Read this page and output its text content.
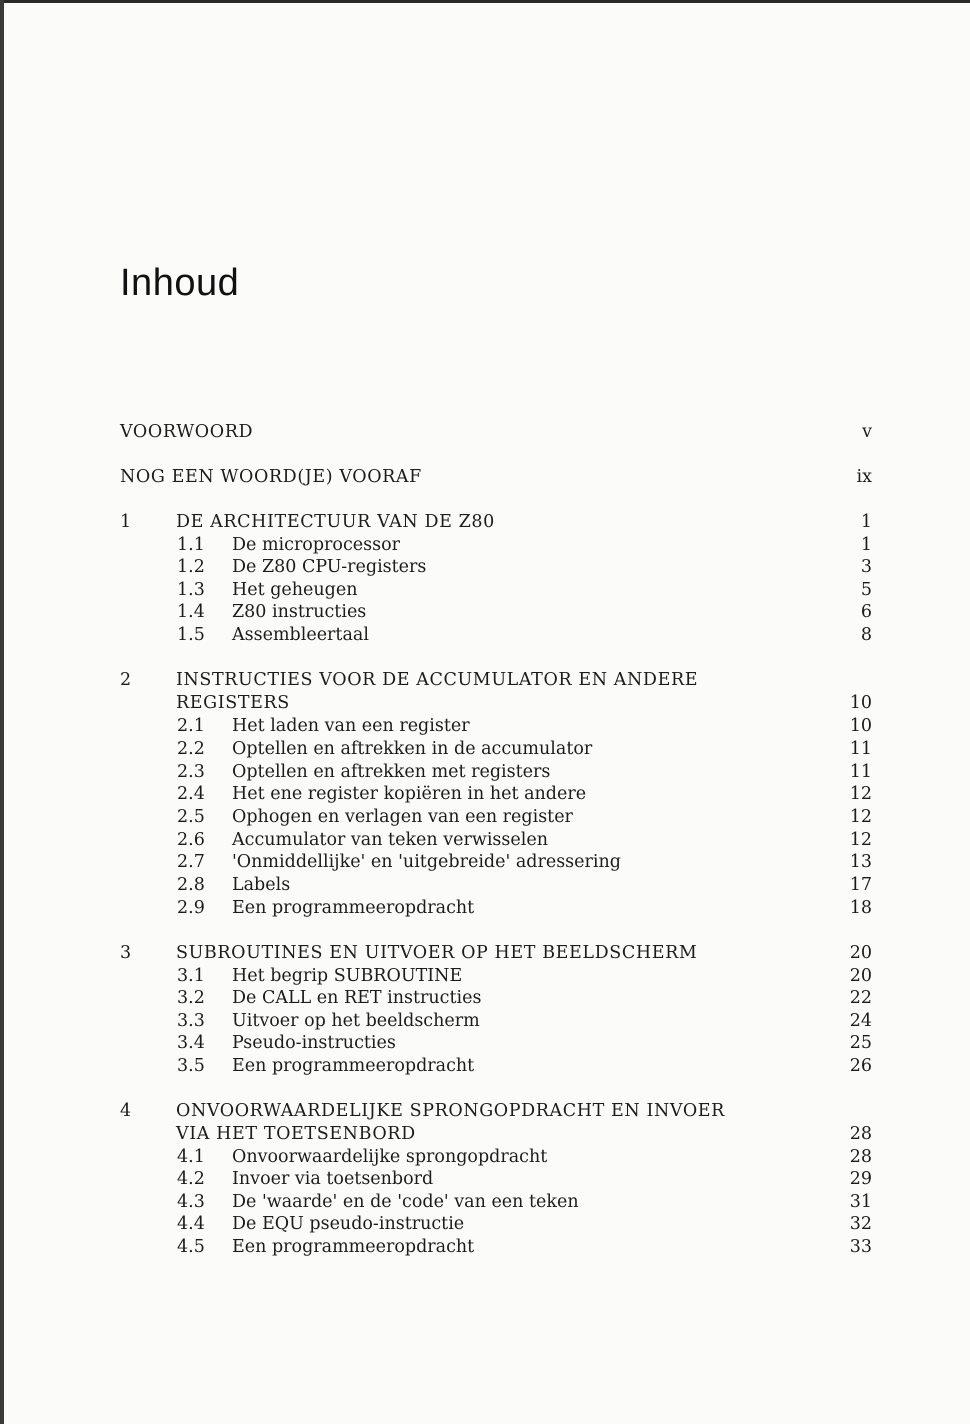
Inhoud
VOORWOORD	v
NOG EEN WOORD(JE) VOORAF	ix
1	DE ARCHITECTUUR VAN DE Z80	1
1.1 De microprocessor	1
1.2 De Z80 CPU-registers	3
1.3 Het geheugen	5
1.4 Z80 instructies	6
1.5 Assembleertaal	8
2	INSTRUCTIES VOOR DE ACCUMULATOR EN ANDERE
REGISTERS	10
2.1 Het laden van een register	10
2.2 Optellen en aftrekken in de accumulator	11
2.3 Optellen en aftrekken met registers	11
2.4 Het ene register kopiëren in het andere	12
2.5 Ophogen en verlagen van een register	12
2.6 Accumulator van teken verwisselen	12
2.7 'Onmiddellijke' en 'uitgebreide' adressering	13
2.8 Labels	17
2.9 Een programmeeropdracht	18
3	SUBROUTINES EN UITVOER OP HET BEELDSCHERM	20
3.1 Het begrip SUBROUTINE	20
3.2 De CALL en RET instructies	22
3.3 Uitvoer op het beeldscherm	24
3.4 Pseudo-instructies	25
3.5 Een programmeeropdracht	26
4	ONVOORWAARDELIJKE SPRONGOPDRACHT EN INVOER
VIA HET TOETSENBORD	28
4.1 Onvoorwaardelijke sprongopdracht	28
4.2 Invoer via toetsenbord	29
4.3 De 'waarde' en de 'code' van een teken	31
4.4 De EQU pseudo-instructie	32
4.5 Een programmeeropdracht	33
